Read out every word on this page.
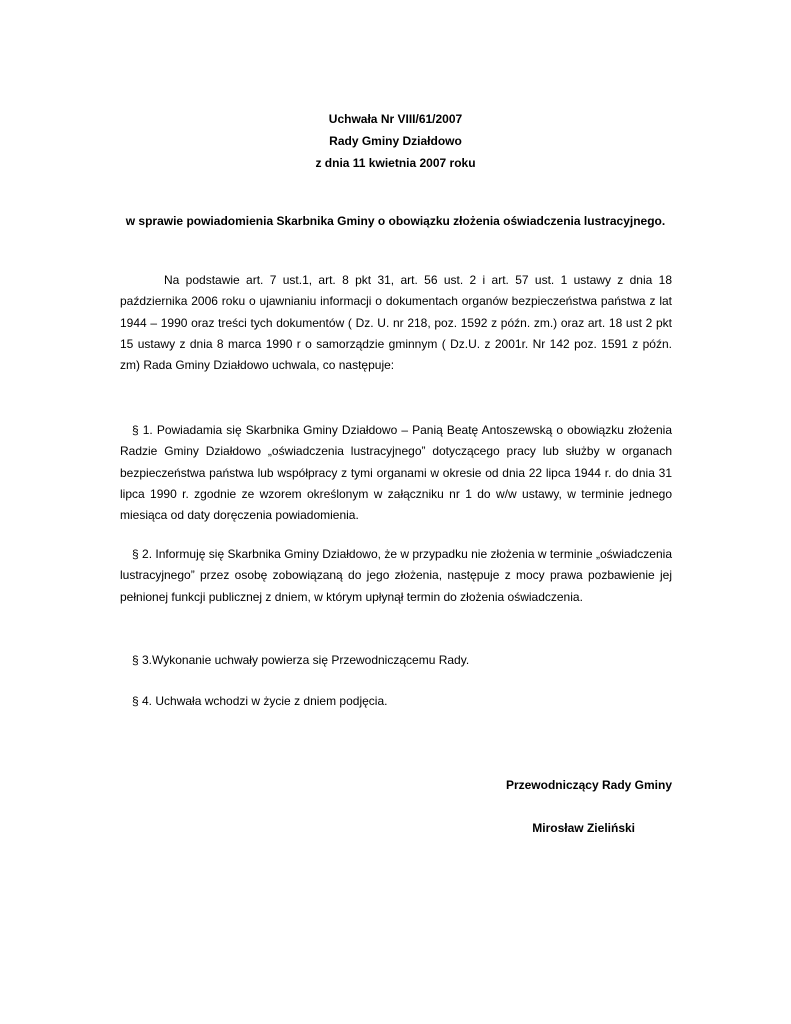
Uchwała Nr VIII/61/2007
Rady Gminy Działdowo
z dnia 11 kwietnia 2007 roku
w sprawie powiadomienia Skarbnika Gminy o obowiązku złożenia oświadczenia lustracyjnego.

Na podstawie art. 7 ust.1, art. 8 pkt 31, art. 56 ust. 2 i art. 57 ust. 1 ustawy z dnia 18 października 2006 roku o ujawnianiu informacji o dokumentach organów bezpieczeństwa państwa z lat 1944 – 1990 oraz treści tych dokumentów ( Dz. U. nr 218, poz. 1592 z późn. zm.) oraz art. 18 ust 2 pkt 15 ustawy z dnia 8 marca 1990 r o samorządzie gminnym ( Dz.U. z 2001r. Nr 142 poz. 1591 z późn. zm) Rada Gminy Działdowo uchwala, co następuje:

§ 1. Powiadamia się Skarbnika Gminy Działdowo – Panią Beatę Antoszewską o obowiązku złożenia Radzie Gminy Działdowo „oświadczenia lustracyjnego” dotyczącego pracy lub służby w organach bezpieczeństwa państwa lub współpracy z tymi organami w okresie od dnia 22 lipca 1944 r. do dnia 31 lipca 1990 r. zgodnie ze wzorem określonym w załączniku nr 1 do w/w ustawy, w terminie jednego miesiąca od daty doręczenia powiadomienia.

§ 2. Informuję się Skarbnika Gminy Działdowo, że w przypadku nie złożenia w terminie „oświadczenia lustracyjnego” przez osobę zobowiązaną do jego złożenia, następuje z mocy prawa pozbawienie jej pełnionej funkcji publicznej z dniem, w którym upłynął termin do złożenia oświadczenia.

§ 3.Wykonanie uchwały powierza się Przewodniczącemu Rady.

§ 4. Uchwała wchodzi w życie z dniem podjęcia.

Przewodniczący Rady Gminy
Mirosław Zieliński
